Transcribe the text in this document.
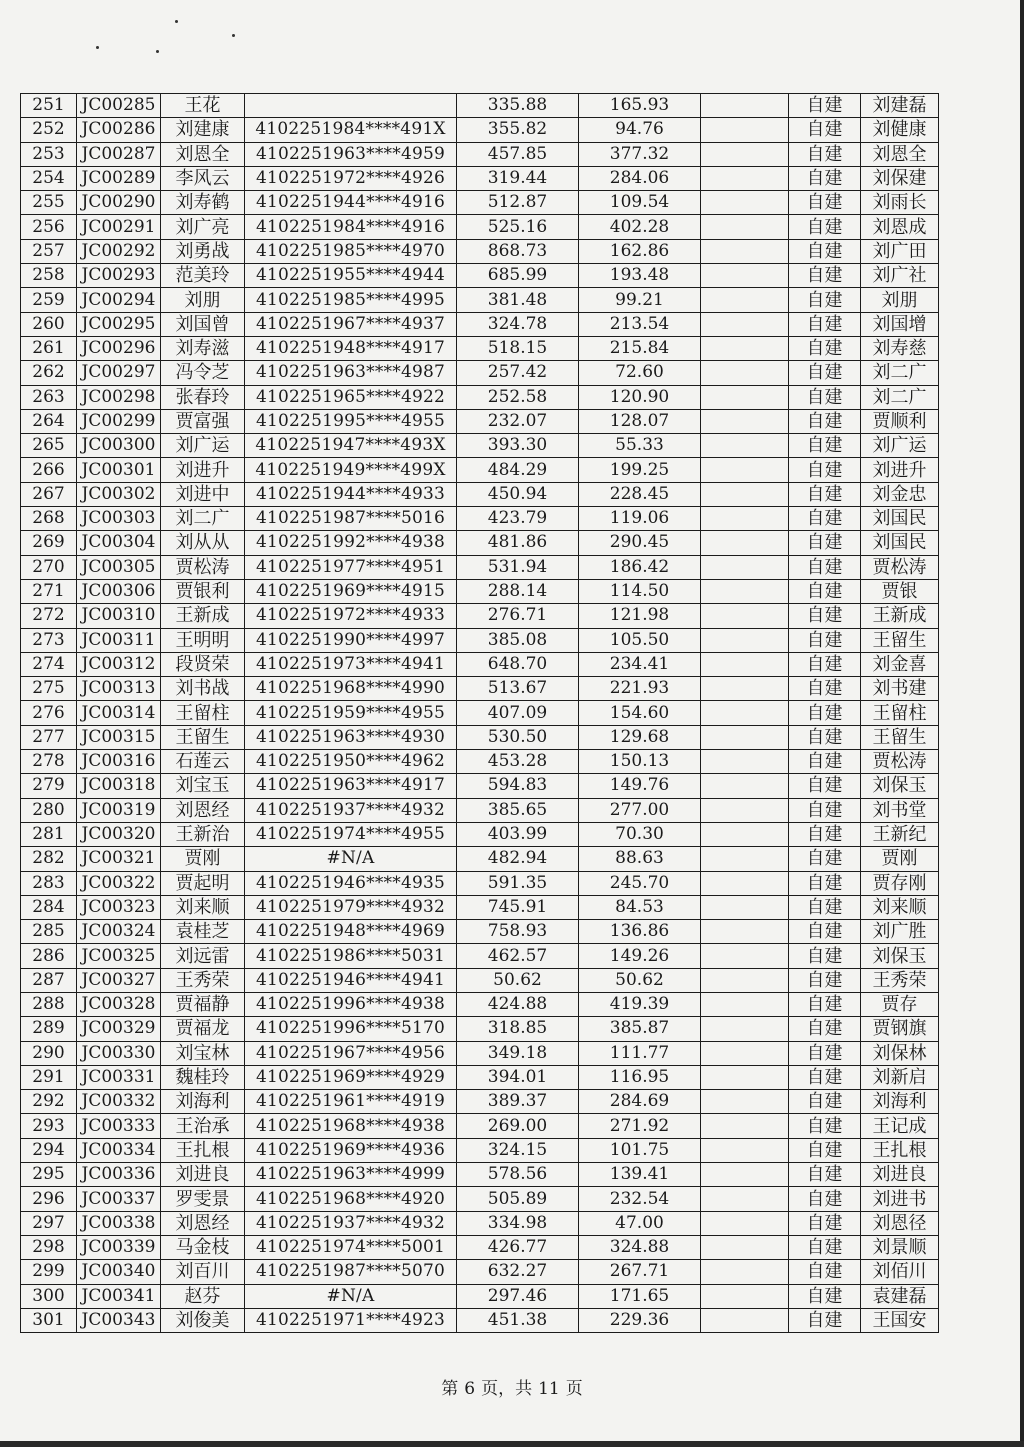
251	JC00285	王花		335.88	165.93		自建	刘建磊
252	JC00286	刘建康	4102251984****491X	355.82	94.76		自建	刘健康
253	JC00287	刘恩全	4102251963****4959	457.85	377.32		自建	刘恩全
254	JC00289	李风云	4102251972****4926	319.44	284.06		自建	刘保建
255	JC00290	刘寿鹤	4102251944****4916	512.87	109.54		自建	刘雨长
256	JC00291	刘广亮	4102251984****4916	525.16	402.28		自建	刘恩成
257	JC00292	刘勇战	4102251985****4970	868.73	162.86		自建	刘广田
258	JC00293	范美玲	4102251955****4944	685.99	193.48		自建	刘广社
259	JC00294	刘朋	4102251985****4995	381.48	99.21		自建	刘朋
260	JC00295	刘国曾	4102251967****4937	324.78	213.54		自建	刘国增
261	JC00296	刘寿滋	4102251948****4917	518.15	215.84		自建	刘寿慈
262	JC00297	冯令芝	4102251963****4987	257.42	72.60		自建	刘二广
263	JC00298	张春玲	4102251965****4922	252.58	120.90		自建	刘二广
264	JC00299	贾富强	4102251995****4955	232.07	128.07		自建	贾顺利
265	JC00300	刘广运	4102251947****493X	393.30	55.33		自建	刘广运
266	JC00301	刘进升	4102251949****499X	484.29	199.25		自建	刘进升
267	JC00302	刘进中	4102251944****4933	450.94	228.45		自建	刘金忠
268	JC00303	刘二广	4102251987****5016	423.79	119.06		自建	刘国民
269	JC00304	刘从从	4102251992****4938	481.86	290.45		自建	刘国民
270	JC00305	贾松涛	4102251977****4951	531.94	186.42		自建	贾松涛
271	JC00306	贾银利	4102251969****4915	288.14	114.50		自建	贾银
272	JC00310	王新成	4102251972****4933	276.71	121.98		自建	王新成
273	JC00311	王明明	4102251990****4997	385.08	105.50		自建	王留生
274	JC00312	段贤荣	4102251973****4941	648.70	234.41		自建	刘金喜
275	JC00313	刘书战	4102251968****4990	513.67	221.93		自建	刘书建
276	JC00314	王留柱	4102251959****4955	407.09	154.60		自建	王留柱
277	JC00315	王留生	4102251963****4930	530.50	129.68		自建	王留生
278	JC00316	石莲云	4102251950****4962	453.28	150.13		自建	贾松涛
279	JC00318	刘宝玉	4102251963****4917	594.83	149.76		自建	刘保玉
280	JC00319	刘恩经	4102251937****4932	385.65	277.00		自建	刘书堂
281	JC00320	王新治	4102251974****4955	403.99	70.30		自建	王新纪
282	JC00321	贾刚	#N/A	482.94	88.63		自建	贾刚
283	JC00322	贾起明	4102251946****4935	591.35	245.70		自建	贾存刚
284	JC00323	刘来顺	4102251979****4932	745.91	84.53		自建	刘来顺
285	JC00324	袁桂芝	4102251948****4969	758.93	136.86		自建	刘广胜
286	JC00325	刘远雷	4102251986****5031	462.57	149.26		自建	刘保玉
287	JC00327	王秀荣	4102251946****4941	50.62	50.62		自建	王秀荣
288	JC00328	贾福静	4102251996****4938	424.88	419.39		自建	贾存
289	JC00329	贾福龙	4102251996****5170	318.85	385.87		自建	贾钢旗
290	JC00330	刘宝林	4102251967****4956	349.18	111.77		自建	刘保林
291	JC00331	魏桂玲	4102251969****4929	394.01	116.95		自建	刘新启
292	JC00332	刘海利	4102251961****4919	389.37	284.69		自建	刘海利
293	JC00333	王治承	4102251968****4938	269.00	271.92		自建	王记成
294	JC00334	王扎根	4102251969****4936	324.15	101.75		自建	王扎根
295	JC00336	刘进良	4102251963****4999	578.56	139.41		自建	刘进良
296	JC00337	罗雯景	4102251968****4920	505.89	232.54		自建	刘进书
297	JC00338	刘恩经	4102251937****4932	334.98	47.00		自建	刘恩径
298	JC00339	马金枝	4102251974****5001	426.77	324.88		自建	刘景顺
299	JC00340	刘百川	4102251987****5070	632.27	267.71		自建	刘佰川
300	JC00341	赵芬	#N/A	297.46	171.65		自建	袁建磊
301	JC00343	刘俊美	4102251971****4923	451.38	229.36		自建	王国安
第 6 页，共 11 页
